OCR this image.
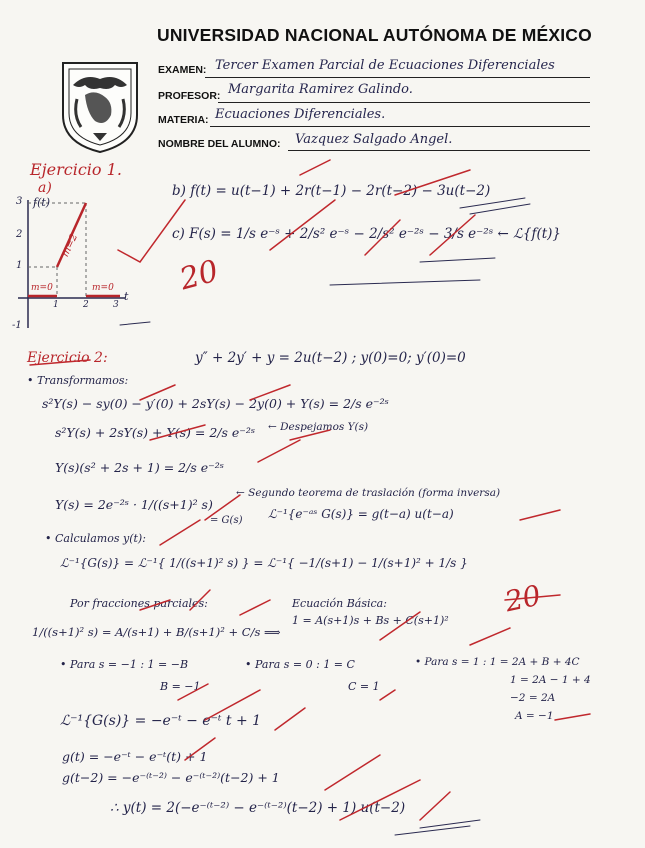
UNIVERSIDAD NACIONAL AUTÓNOMA DE MÉXICO
EXAMEN: Tercer Examen Parcial de Ecuaciones Diferenciales
PROFESOR: Margarita Ramirez Galindo.
MATERIA: Ecuaciones Diferenciales.
NOMBRE DEL ALUMNO: Vazquez Salgado Angel.
Ejercicio 1.
a)
f(t)
t
3
2
1
-1
1	2	3
m=2
m=0	m=0
b) f(t) = u(t−1) + 2r(t−1) − 2r(t−2) − 3u(t−2)
c) F(s) = 1/s e⁻ˢ + 2/s² e⁻ˢ − 2/s² e⁻²ˢ − 3/s e⁻²ˢ ← ℒ{f(t)}
20
Ejercicio 2:	y″ + 2y′ + y = 2u(t−2) ; y(0)=0; y′(0)=0
• Transformamos:
s²Y(s) − sy(0) − y′(0) + 2sY(s) − 2y(0) + Y(s) = 2/s e⁻²ˢ
s²Y(s) + 2sY(s) + Y(s) = 2/s e⁻²ˢ ← Despejamos Y(s)
Y(s)(s² + 2s + 1) = 2/s e⁻²ˢ
Y(s) = 2e⁻²ˢ · 1/((s+1)² s)
= G(s)
← Segundo teorema de traslación (forma inversa)
ℒ⁻¹{e⁻ᵃˢ G(s)} = g(t−a) u(t−a)
• Calculamos y(t):
ℒ⁻¹{G(s)} = ℒ⁻¹{ 1/((s+1)² s) } = ℒ⁻¹{ −1/(s+1) − 1/(s+1)² + 1/s }
Por fracciones parciales:	Ecuación Básica:
1/((s+1)² s) = A/(s+1) + B/(s+1)² + C/s ⟹
1 = A(s+1)s + Bs + C(s+1)²
20
• Para s = −1 : 1 = −B
B = −1
• Para s = 0 : 1 = C
C = 1
• Para s = 1 : 1 = 2A + B + 4C
1 = 2A − 1 + 4
−2 = 2A
A = −1
ℒ⁻¹{G(s)} = −e⁻ᵗ − e⁻ᵗ t + 1
g(t) = −e⁻ᵗ − e⁻ᵗ(t) + 1
g(t−2) = −e⁻⁽ᵗ⁻²⁾ − e⁻⁽ᵗ⁻²⁾(t−2) + 1
∴ y(t) = 2(−e⁻⁽ᵗ⁻²⁾ − e⁻⁽ᵗ⁻²⁾(t−2) + 1) u(t−2)
